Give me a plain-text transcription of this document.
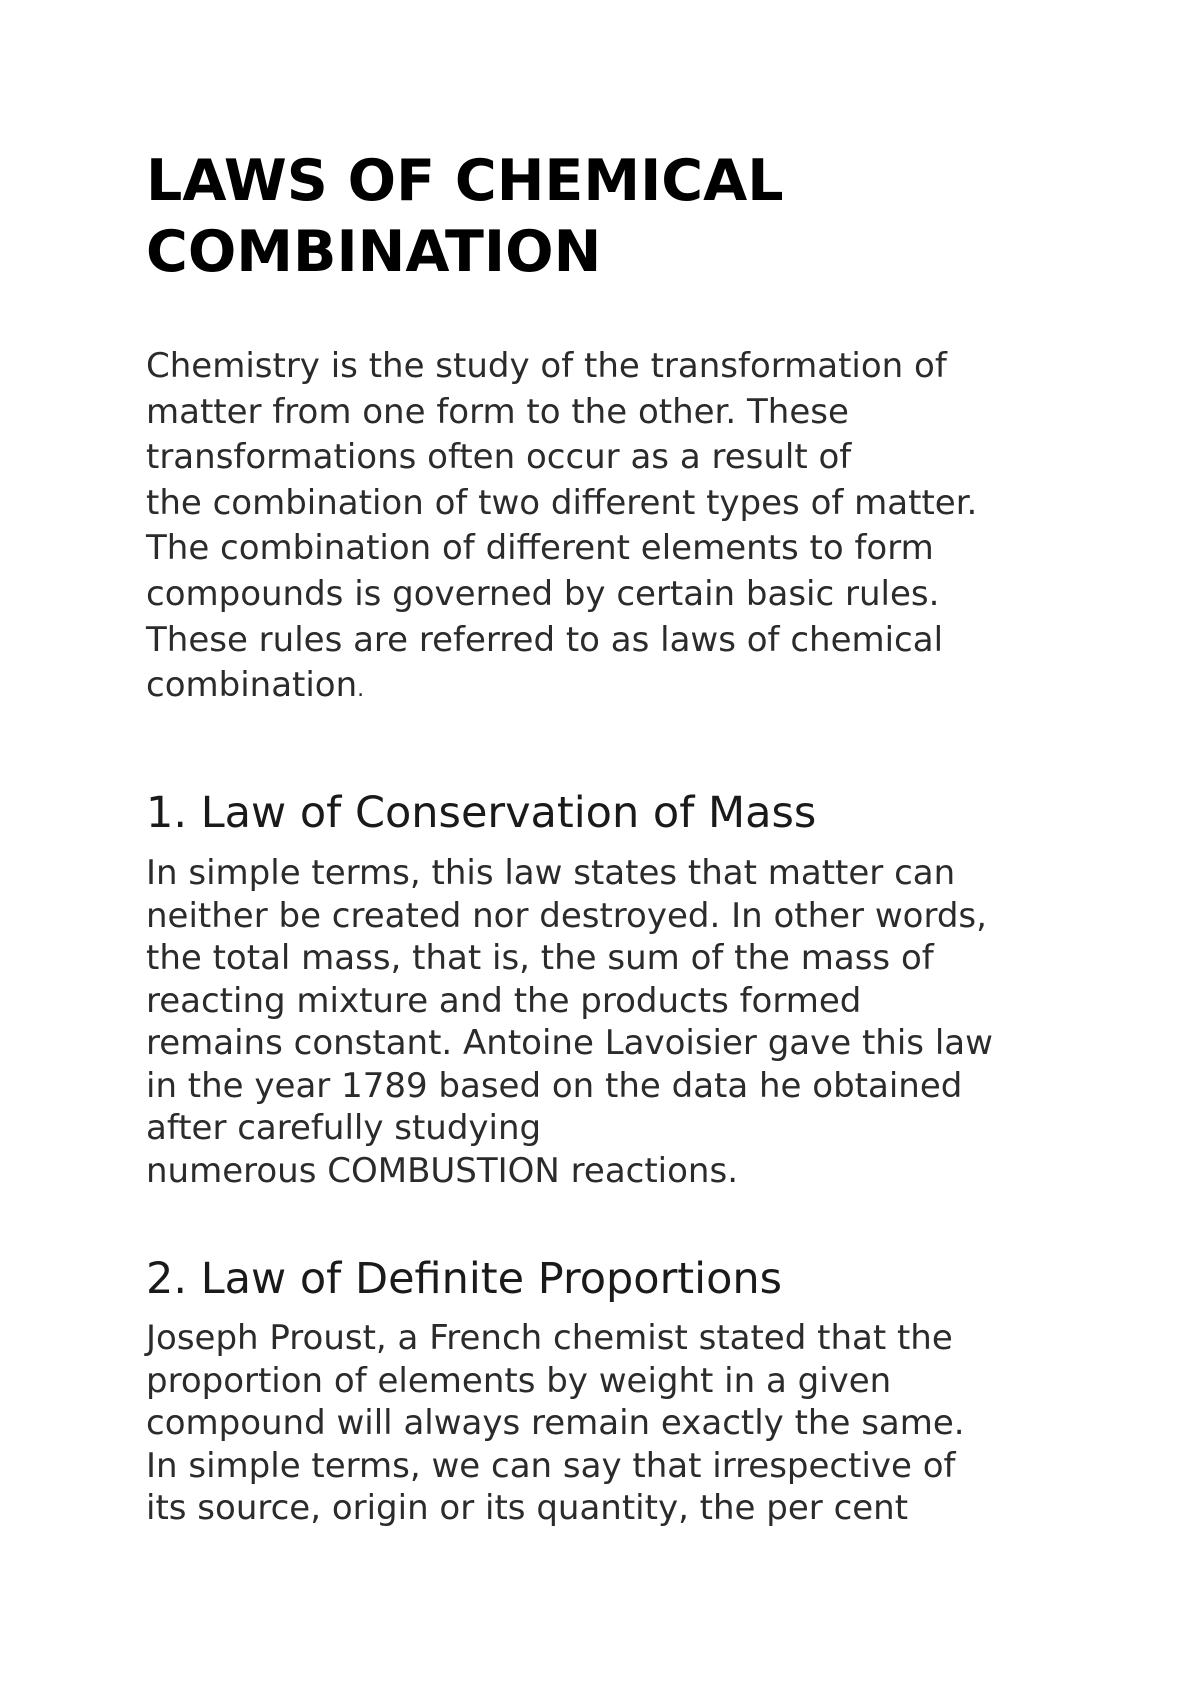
LAWS OF CHEMICAL
COMBINATION
Chemistry is the study of the transformation of
matter from one form to the other. These
transformations often occur as a result of
the combination of two different types of matter.
The combination of different elements to form
compounds is governed by certain basic rules.
These rules are referred to as laws of chemical
combination.
1. Law of Conservation of Mass
In simple terms, this law states that matter can
neither be created nor destroyed. In other words,
the total mass, that is, the sum of the mass of
reacting mixture and the products formed
remains constant. Antoine Lavoisier gave this law
in the year 1789 based on the data he obtained
after carefully studying
numerous COMBUSTION reactions.
2. Law of Definite Proportions
Joseph Proust, a French chemist stated that the
proportion of elements by weight in a given
compound will always remain exactly the same.
In simple terms, we can say that irrespective of
its source, origin or its quantity, the per cent
